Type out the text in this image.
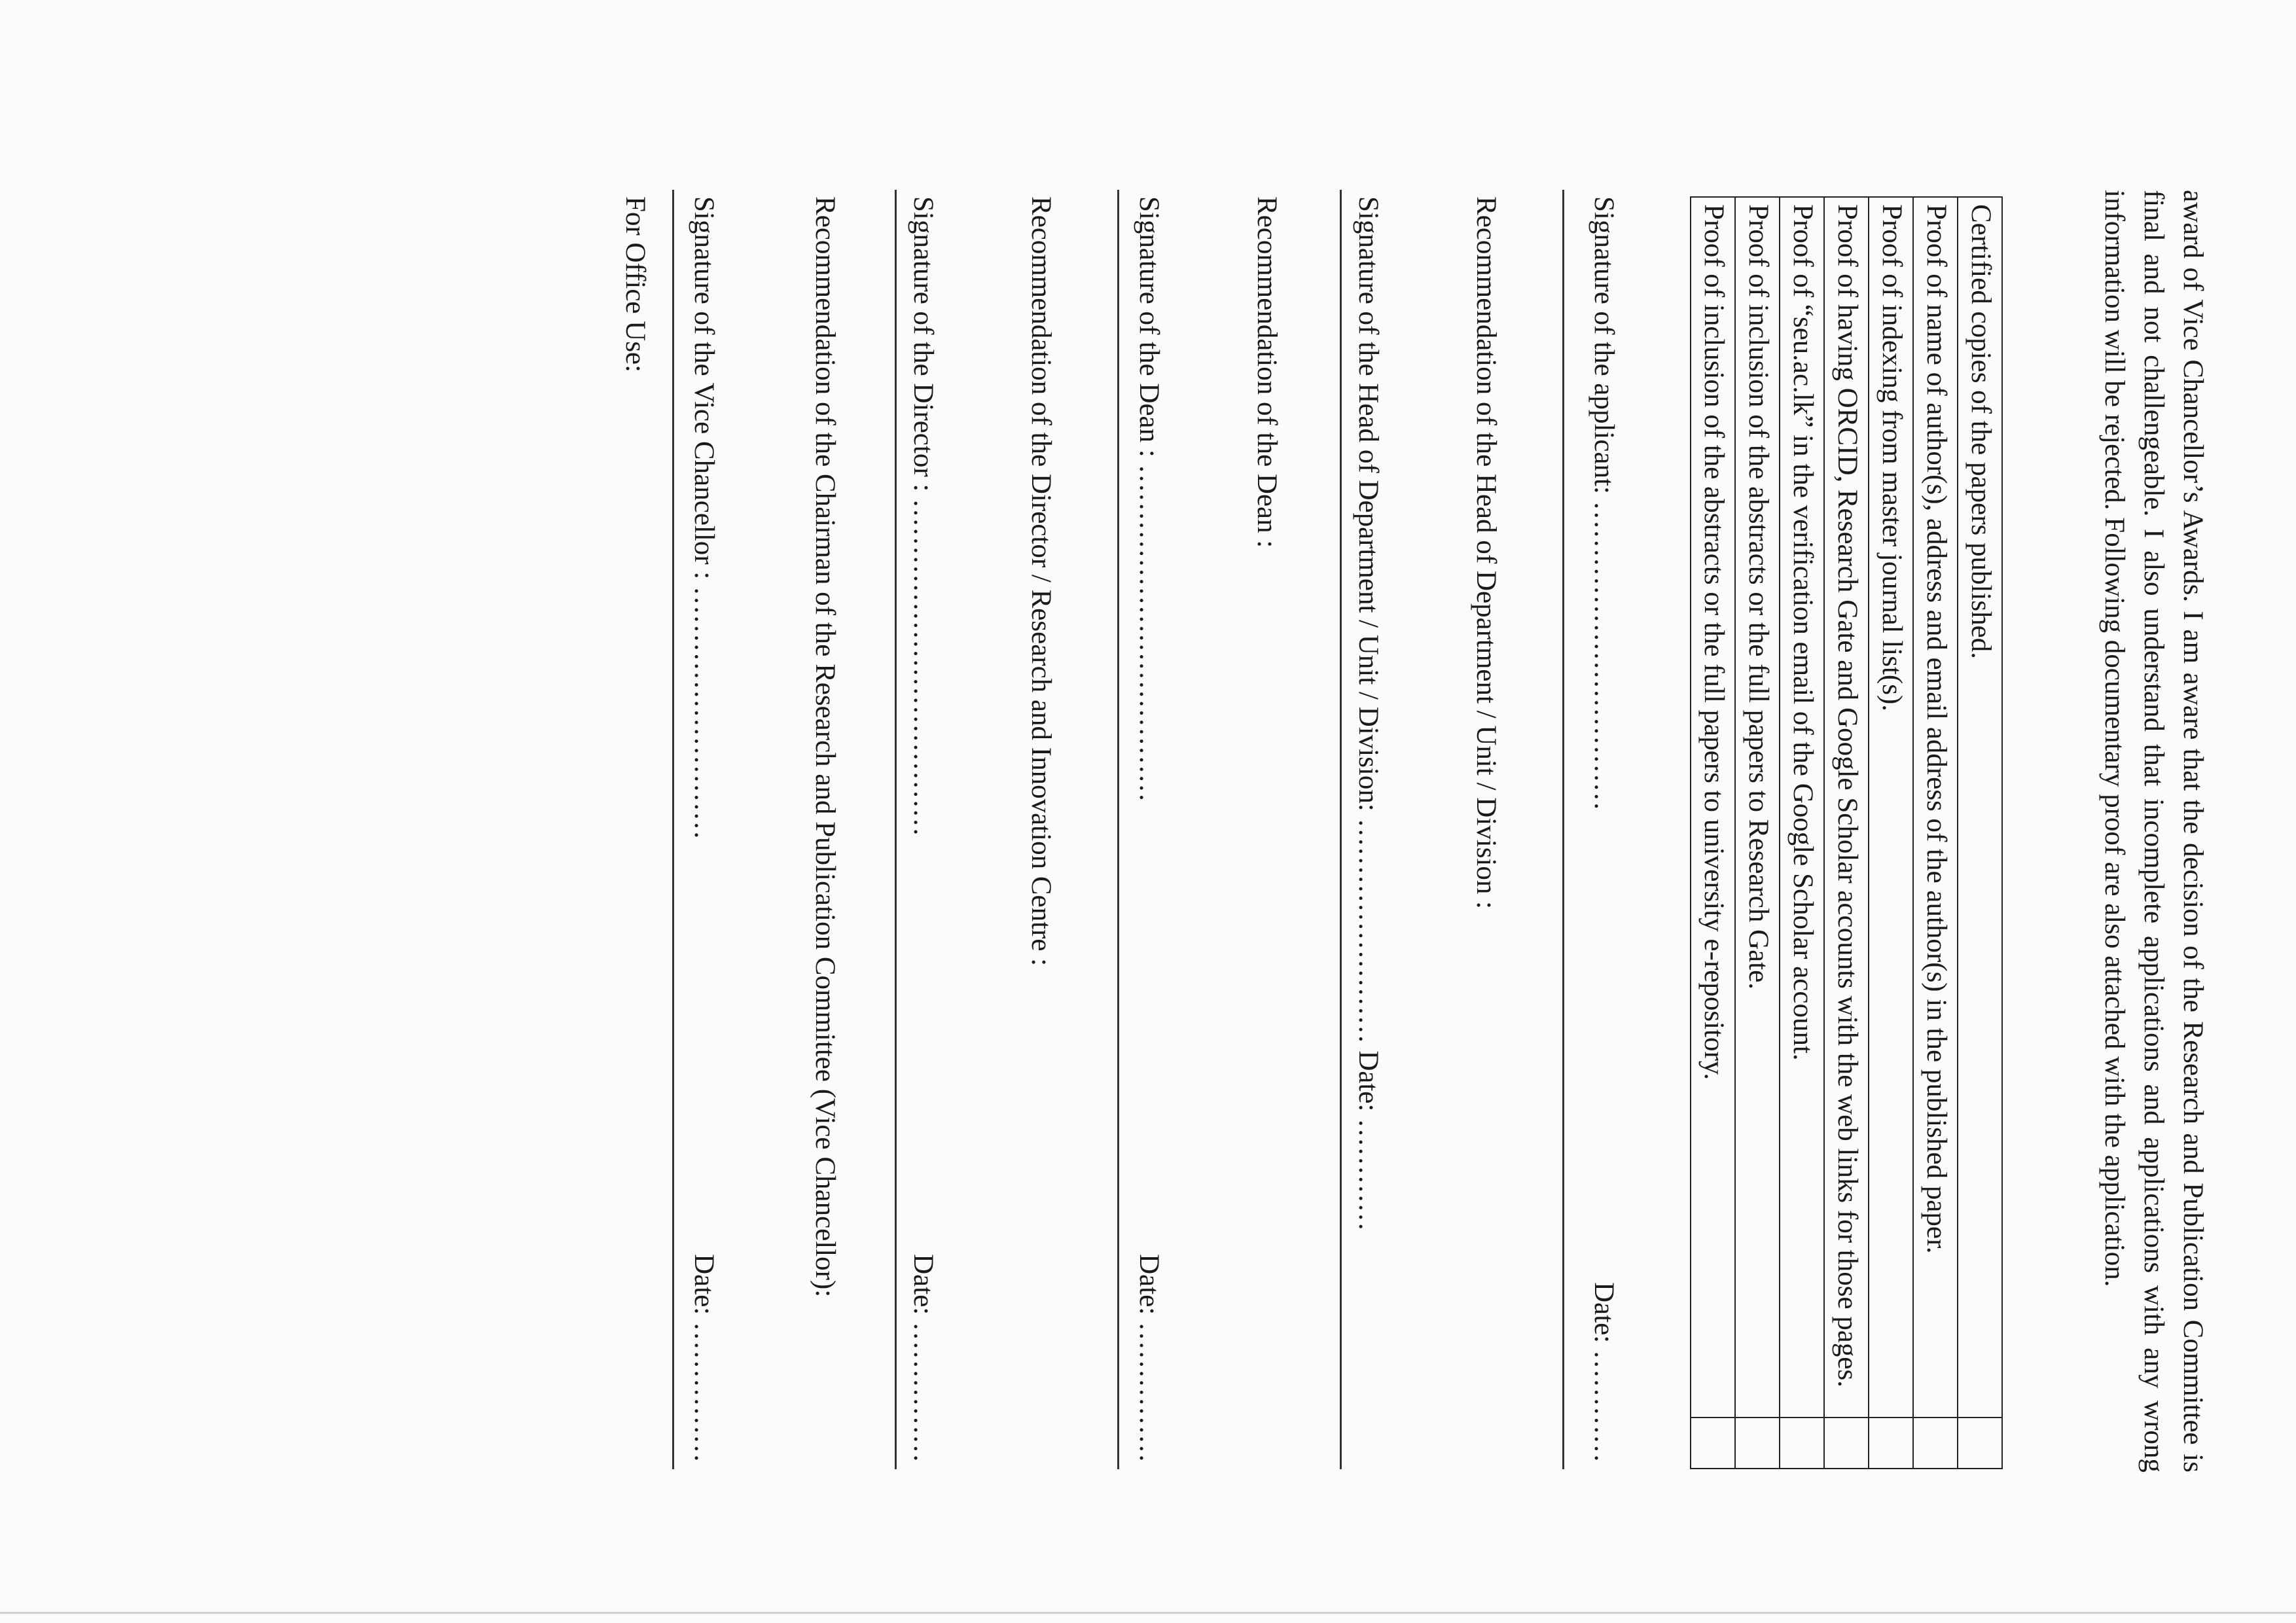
award of Vice Chancellor’s Awards. I am aware that the decision of the Research and Publication Committee is final and not challengeable. I also understand that incomplete applications and applications with any wrong information will be rejected. Following documentary proof are also attached with the application.

Certified copies of the papers published.	
Proof of name of author(s), address and email address of the author(s) in the published paper.	
Proof of indexing from master journal list(s).	
Proof of having ORCID, Research Gate and Google Scholar accounts with the web links for those pages.	
Proof of “seu.ac.lk” in the verification email of the Google Scholar account.	
Proof of inclusion of the abstracts or the full papers to Research Gate.	
Proof of inclusion of the abstracts or the full papers to university e-repository.	
Signature of the applicant: ……………………………
Date: …………
Recommendation of the Head of Department / Unit / Division :
Signature of the Head of Department / Unit / Division: …………………… Date: …………
Recommendation of the Dean :
Signature of the Dean : ………………………………
Date: ……………
Recommendation of the Director / Research and Innovation Centre :
Signature of the Director : ………………………………
Date: ……………
Recommendation of the Chairman of the Research and Publication Committee (Vice Chancellor):
Signature of the Vice Chancellor : ………………………
Date: ……………
For Office Use:
